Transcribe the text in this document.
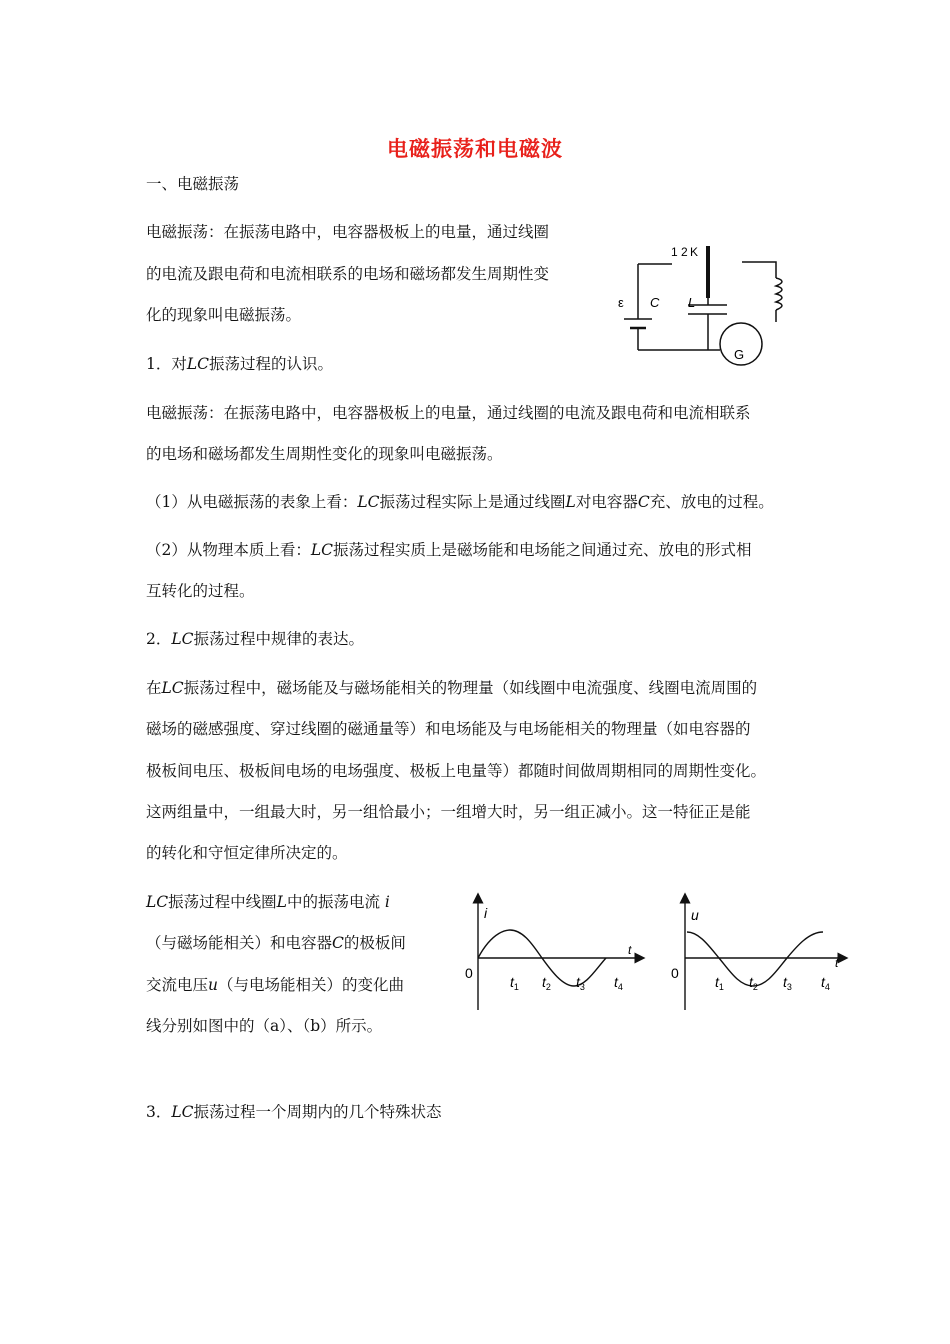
电磁振荡和电磁波
一、电磁振荡
电磁振荡：在振荡电路中，电容器极板上的电量，通过线圈
的电流及跟电荷和电流相联系的电场和磁场都发生周期性变
化的现象叫电磁振荡。
1 K
2
ε C L
G
1．对LC振荡过程的认识。
电磁振荡：在振荡电路中，电容器极板上的电量，通过线圈的电流及跟电荷和电流相联系
的电场和磁场都发生周期性变化的现象叫电磁振荡。
（1）从电磁振荡的表象上看：LC振荡过程实际上是通过线圈L对电容器C充、放电的过程。
（2）从物理本质上看：LC振荡过程实质上是磁场能和电场能之间通过充、放电的形式相
互转化的过程。
2．LC振荡过程中规律的表达。
在LC振荡过程中，磁场能及与磁场能相关的物理量（如线圈中电流强度、线圈电流周围的
磁场的磁感强度、穿过线圈的磁通量等）和电场能及与电场能相关的物理量（如电容器的
极板间电压、极板间电场的电场强度、极板上电量等）都随时间做周期相同的周期性变化。
这两组量中，一组最大时，另一组恰最小；一组增大时，另一组正减小。这一特征正是能
的转化和守恒定律所决定的。
LC振荡过程中线圈L中的振荡电流 i
（与磁场能相关）和电容器C的极板间
交流电压u（与电场能相关）的变化曲
线分别如图中的（a）、（b）所示。
i
t
0
$t_1$ $t_2$ $t_3$ $t_4$
u
t
0
$t_1$ $t_2$ $t_3$ $t_4$
3．LC振荡过程一个周期内的几个特殊状态
